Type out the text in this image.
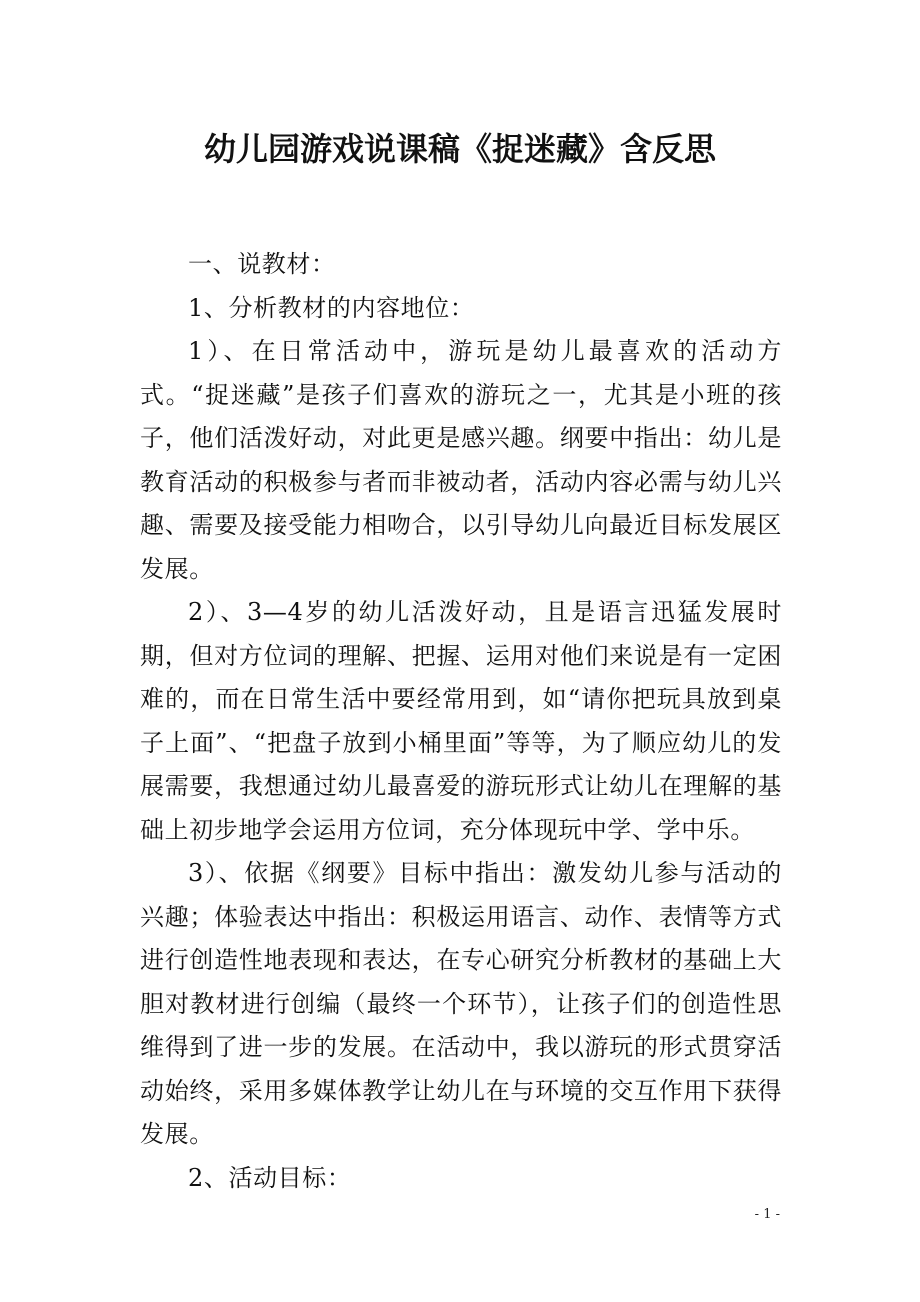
幼儿园游戏说课稿《捉迷藏》含反思

一、说教材：

1、分析教材的内容地位：

1）、在日常活动中，游玩是幼儿最喜欢的活动方式。“捉迷藏”是孩子们喜欢的游玩之一，尤其是小班的孩子，他们活泼好动，对此更是感兴趣。纲要中指出：幼儿是教育活动的积极参与者而非被动者，活动内容必需与幼儿兴趣、需要及接受能力相吻合，以引导幼儿向最近目标发展区发展。

2）、3—4岁的幼儿活泼好动，且是语言迅猛发展时期，但对方位词的理解、把握、运用对他们来说是有一定困难的，而在日常生活中要经常用到，如“请你把玩具放到桌子上面”、“把盘子放到小桶里面”等等，为了顺应幼儿的发展需要，我想通过幼儿最喜爱的游玩形式让幼儿在理解的基础上初步地学会运用方位词，充分体现玩中学、学中乐。

3）、依据《纲要》目标中指出：激发幼儿参与活动的兴趣；体验表达中指出：积极运用语言、动作、表情等方式进行创造性地表现和表达，在专心研究分析教材的基础上大胆对教材进行创编（最终一个环节），让孩子们的创造性思维得到了进一步的发展。在活动中，我以游玩的形式贯穿活动始终，采用多媒体教学让幼儿在与环境的交互作用下获得发展。

2、活动目标：

- 1 -
